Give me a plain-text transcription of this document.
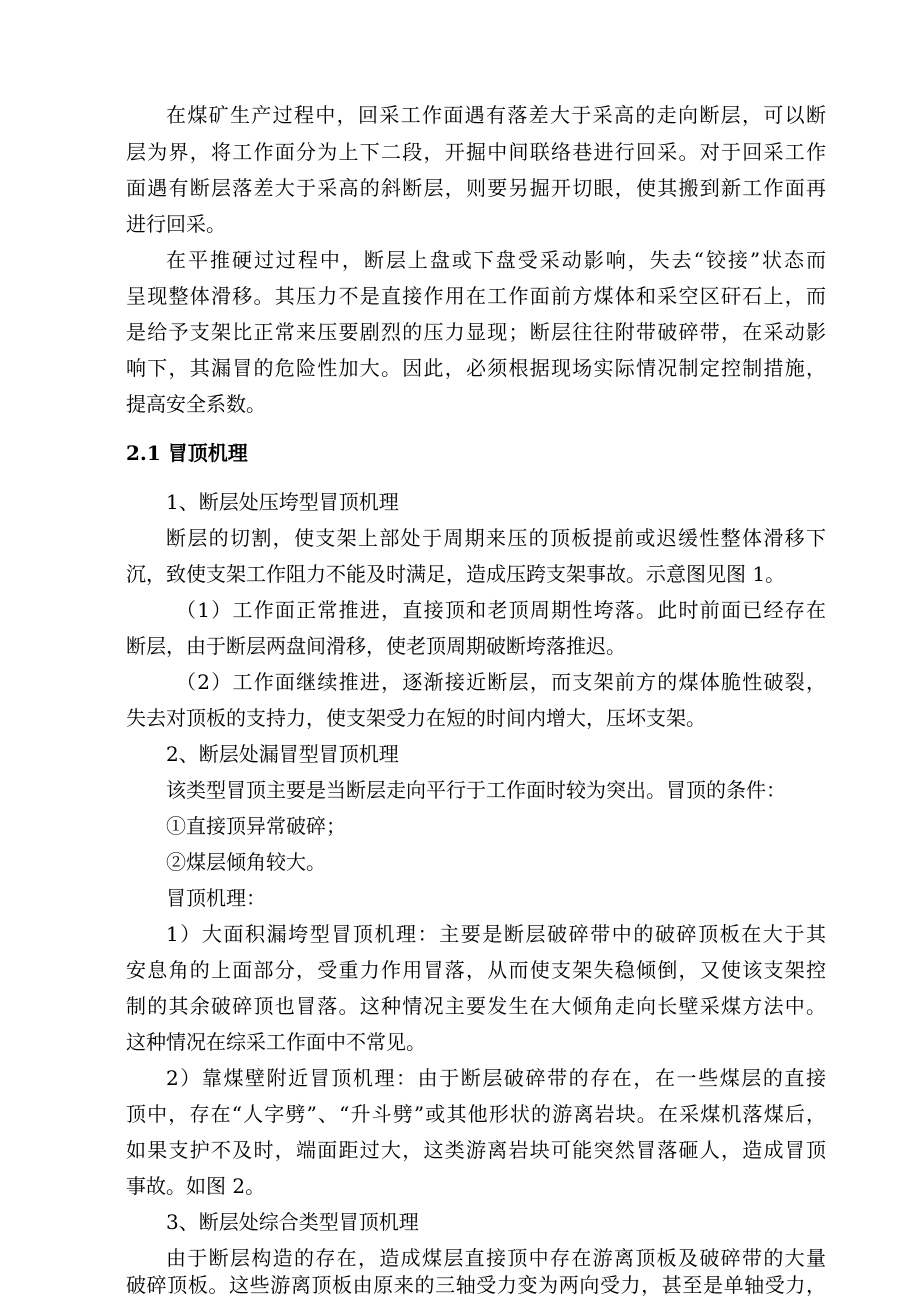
在煤矿生产过程中，回采工作面遇有落差大于采高的走向断层，可以断
层为界，将工作面分为上下二段，开掘中间联络巷进行回采。对于回采工作
面遇有断层落差大于采高的斜断层，则要另掘开切眼，使其搬到新工作面再
进行回采。
在平推硬过过程中，断层上盘或下盘受采动影响，失去“铰接”状态而
呈现整体滑移。其压力不是直接作用在工作面前方煤体和采空区矸石上，而
是给予支架比正常来压要剧烈的压力显现；断层往往附带破碎带，在采动影
响下，其漏冒的危险性加大。因此，必须根据现场实际情况制定控制措施，
提高安全系数。
2.1 冒顶机理
1、断层处压垮型冒顶机理
断层的切割，使支架上部处于周期来压的顶板提前或迟缓性整体滑移下
沉，致使支架工作阻力不能及时满足，造成压跨支架事故。示意图见图 1。
（1）工作面正常推进，直接顶和老顶周期性垮落。此时前面已经存在
断层，由于断层两盘间滑移，使老顶周期破断垮落推迟。
（2）工作面继续推进，逐渐接近断层，而支架前方的煤体脆性破裂，
失去对顶板的支持力，使支架受力在短的时间内增大，压坏支架。
2、断层处漏冒型冒顶机理
该类型冒顶主要是当断层走向平行于工作面时较为突出。冒顶的条件：
①直接顶异常破碎；
②煤层倾角较大。
冒顶机理：
1）大面积漏垮型冒顶机理：主要是断层破碎带中的破碎顶板在大于其
安息角的上面部分，受重力作用冒落，从而使支架失稳倾倒，又使该支架控
制的其余破碎顶也冒落。这种情况主要发生在大倾角走向长壁采煤方法中。
这种情况在综采工作面中不常见。
2）靠煤壁附近冒顶机理：由于断层破碎带的存在，在一些煤层的直接
顶中，存在“人字劈”、“升斗劈”或其他形状的游离岩块。在采煤机落煤后，
如果支护不及时，端面距过大，这类游离岩块可能突然冒落砸人，造成冒顶
事故。如图 2。
3、断层处综合类型冒顶机理
由于断层构造的存在，造成煤层直接顶中存在游离顶板及破碎带的大量
破碎顶板。这些游离顶板由原来的三轴受力变为两向受力，甚至是单轴受力，
